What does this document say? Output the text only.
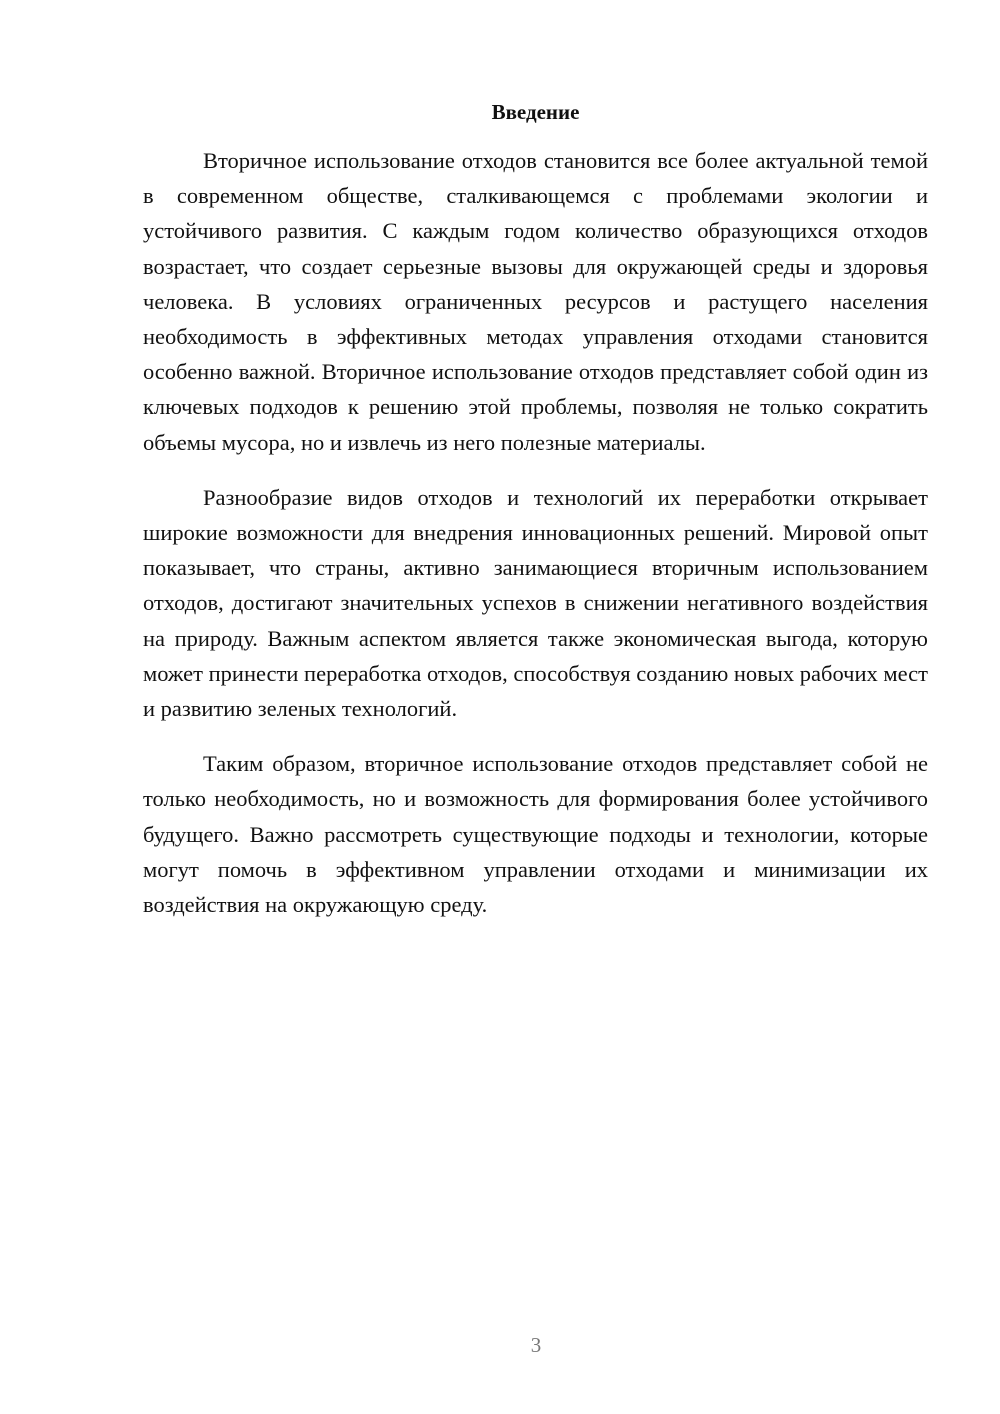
Введение

Вторичное использование отходов становится все более актуальной темой в современном обществе, сталкивающемся с проблемами экологии и устойчивого развития. С каждым годом количество образующихся отходов возрастает, что создает серьезные вызовы для окружающей среды и здоровья человека. В условиях ограниченных ресурсов и растущего населения необходимость в эффективных методах управления отходами становится особенно важной. Вторичное использование отходов представляет собой один из ключевых подходов к решению этой проблемы, позволяя не только сократить объемы мусора, но и извлечь из него полезные материалы.

Разнообразие видов отходов и технологий их переработки открывает широкие возможности для внедрения инновационных решений. Мировой опыт показывает, что страны, активно занимающиеся вторичным использованием отходов, достигают значительных успехов в снижении негативного воздействия на природу. Важным аспектом является также экономическая выгода, которую может принести переработка отходов, способствуя созданию новых рабочих мест и развитию зеленых технологий.

Таким образом, вторичное использование отходов представляет собой не только необходимость, но и возможность для формирования более устойчивого будущего. Важно рассмотреть существующие подходы и технологии, которые могут помочь в эффективном управлении отходами и минимизации их воздействия на окружающую среду.

3
